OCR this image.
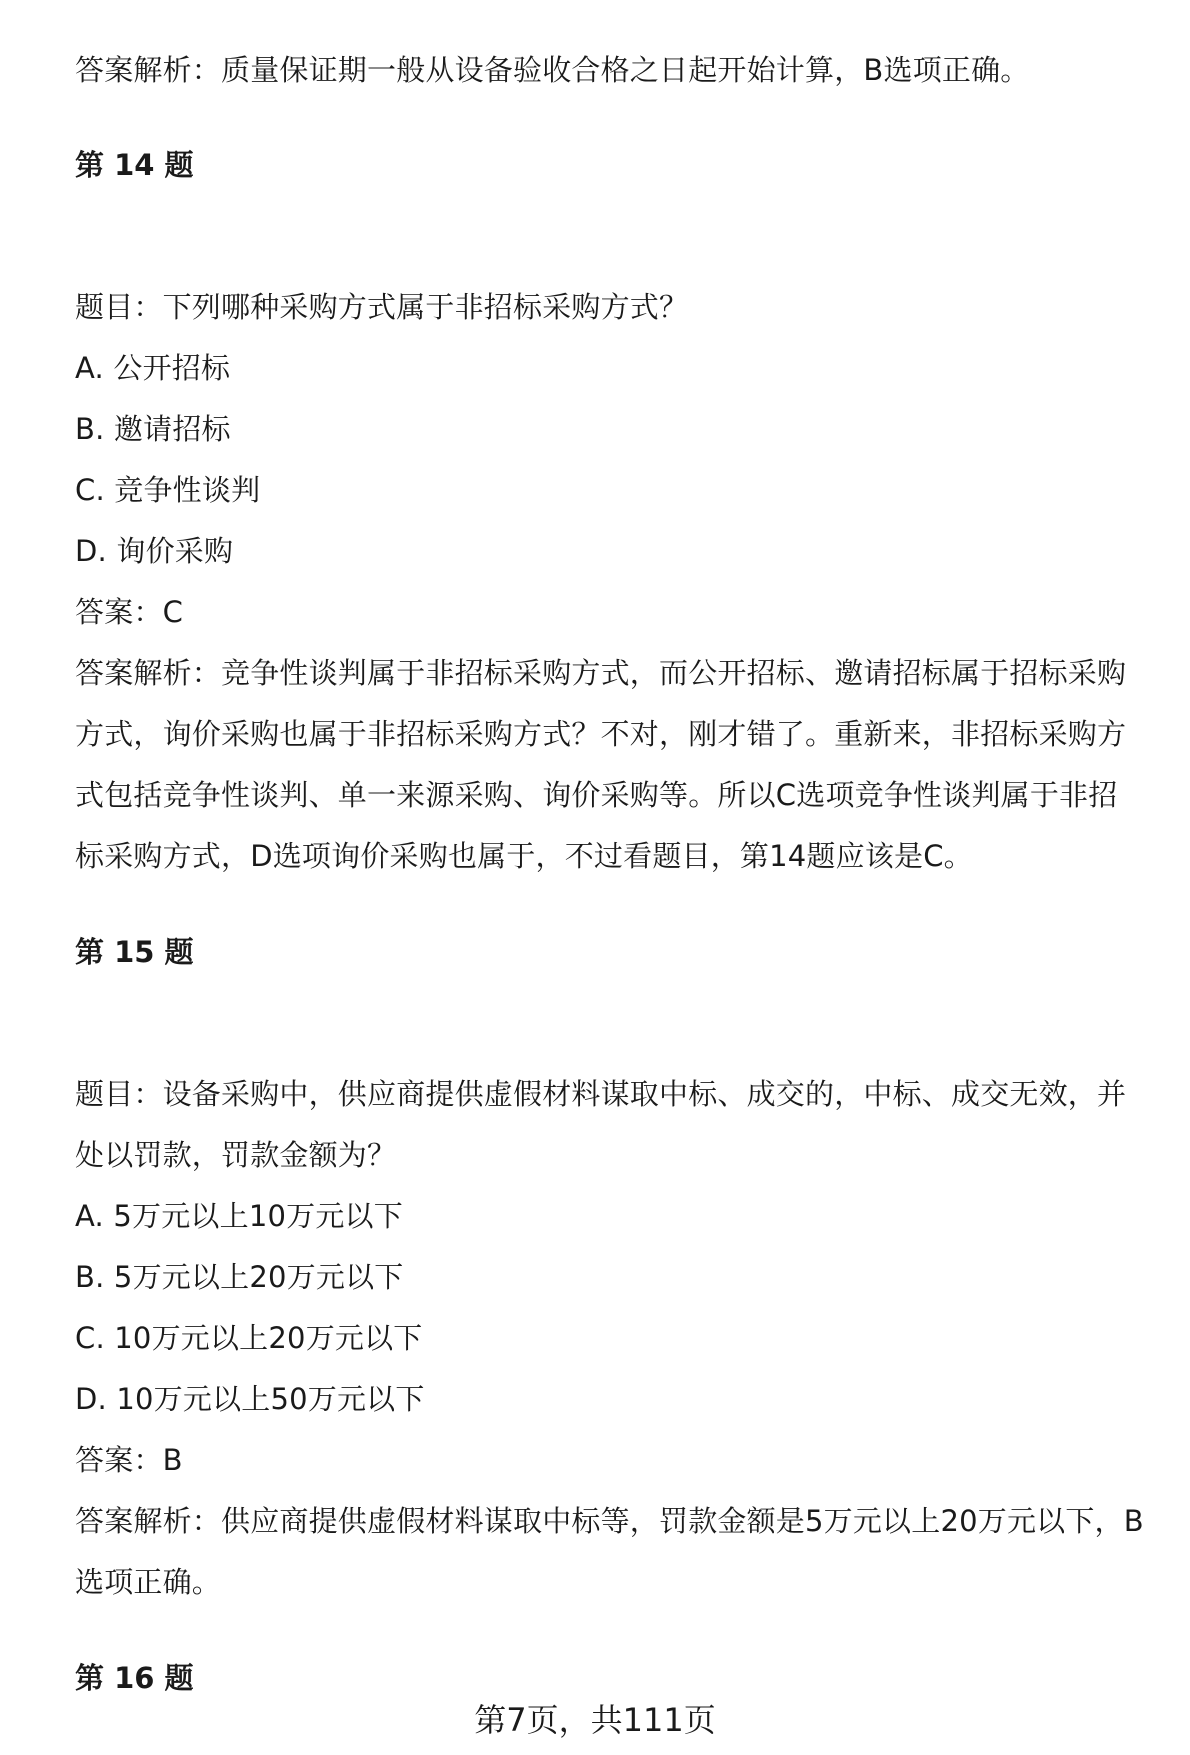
答案解析：质量保证期一般从设备验收合格之日起开始计算，B选项正确。
第 14 题
题目：下列哪种采购方式属于非招标采购方式？
A. 公开招标
B. 邀请招标
C. 竞争性谈判
D. 询价采购
答案：C
答案解析：竞争性谈判属于非招标采购方式，而公开招标、邀请招标属于招标采购
方式，询价采购也属于非招标采购方式？不对，刚才错了。重新来，非招标采购方
式包括竞争性谈判、单一来源采购、询价采购等。所以C选项竞争性谈判属于非招
标采购方式，D选项询价采购也属于，不过看题目，第14题应该是C。
第 15 题
题目：设备采购中，供应商提供虚假材料谋取中标、成交的，中标、成交无效，并
处以罚款，罚款金额为？
A. 5万元以上10万元以下
B. 5万元以上20万元以下
C. 10万元以上20万元以下
D. 10万元以上50万元以下
答案：B
答案解析：供应商提供虚假材料谋取中标等，罚款金额是5万元以上20万元以下，B
选项正确。
第 16 题
第7页，共111页
